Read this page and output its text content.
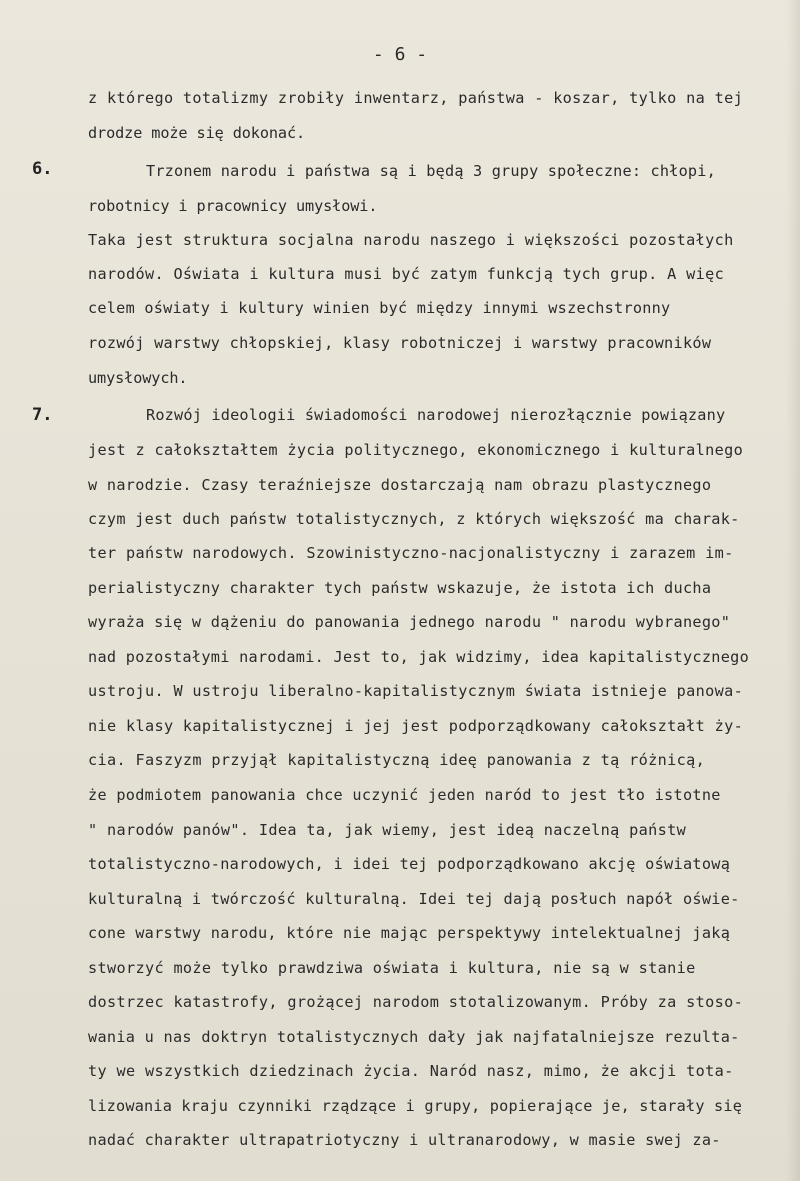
- 6 -
z którego totalizmy zrobiły inwentarz, państwa - koszar, tylko na tej
drodze może się dokonać.
6.	Trzonem narodu i państwa są i będą 3 grupy społeczne: chłopi,
robotnicy i pracownicy umysłowi.
Taka jest struktura socjalna narodu naszego i większości pozostałych
narodów. Oświata i kultura musi być zatym funkcją tych grup. A więc
celem oświaty i kultury winien być między innymi wszechstronny
rozwój warstwy chłopskiej, klasy robotniczej i warstwy pracowników
umysłowych.
7.	Rozwój ideologii świadomości narodowej nierozłącznie powiązany
jest z całokształtem życia politycznego, ekonomicznego i kulturalnego
w narodzie. Czasy teraźniejsze dostarczają nam obrazu plastycznego
czym jest duch państw totalistycznych, z których większość ma charak-
ter państw narodowych. Szowinistyczno-nacjonalistyczny i zarazem im-
perialistyczny charakter tych państw wskazuje, że istota ich ducha
wyraża się w dążeniu do panowania jednego narodu " narodu wybranego"
nad pozostałymi narodami. Jest to, jak widzimy, idea kapitalistycznego
ustroju. W ustroju liberalno-kapitalistycznym świata istnieje panowa-
nie klasy kapitalistycznej i jej jest podporządkowany całokształt ży-
cia. Faszyzm przyjął kapitalistyczną ideę panowania z tą różnicą,
że podmiotem panowania chce uczynić jeden naród to jest tło istotne
" narodów panów". Idea ta, jak wiemy, jest ideą naczelną państw
totalistyczno-narodowych, i idei tej podporządkowano akcję oświatową
kulturalną i twórczość kulturalną. Idei tej dają posłuch napół oświe-
cone warstwy narodu, które nie mając perspektywy intelektualnej jaką
stworzyć może tylko prawdziwa oświata i kultura, nie są w stanie
dostrzec katastrofy, grożącej narodom stotalizowanym. Próby za stoso-
wania u nas doktryn totalistycznych dały jak najfatalniejsze rezulta-
ty we wszystkich dziedzinach życia. Naród nasz, mimo, że akcji tota-
lizowania kraju czynniki rządzące i grupy, popierające je, starały się
nadać charakter ultrapatriotyczny i ultranarodowy, w masie swej za-
